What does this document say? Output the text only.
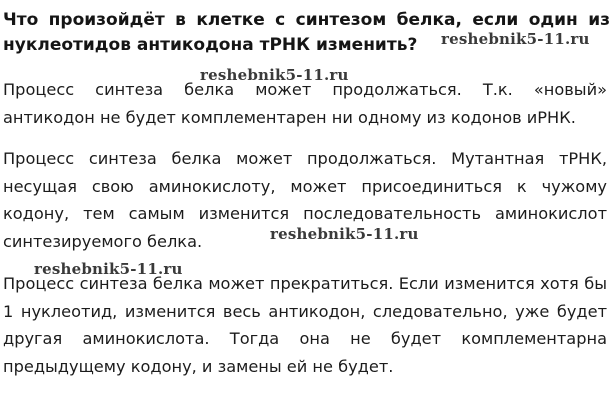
Что произойдёт в клетке с синтезом белка, если один из
нуклеотидов антикодона тРНК изменить?	reshebnik5-11.ru
reshebnik5-11.ru

Процесс синтеза белка может продолжаться. Т.к. «новый»
антикодон не будет комплементарен ни одному из кодонов иРНК.

Процесс синтеза белка может продолжаться. Мутантная тРНК,
несущая свою аминокислоту, может присоединиться к чужому
кодону, тем самым изменится последовательность аминокислот
синтезируемого белка.	reshebnik5-11.ru
reshebnik5-11.ru

Процесс синтеза белка может прекратиться. Если изменится хотя бы
1 нуклеотид, изменится весь антикодон, следовательно, уже будет
другая аминокислота. Тогда она не будет комплементарна
предыдущему кодону, и замены ей не будет.
